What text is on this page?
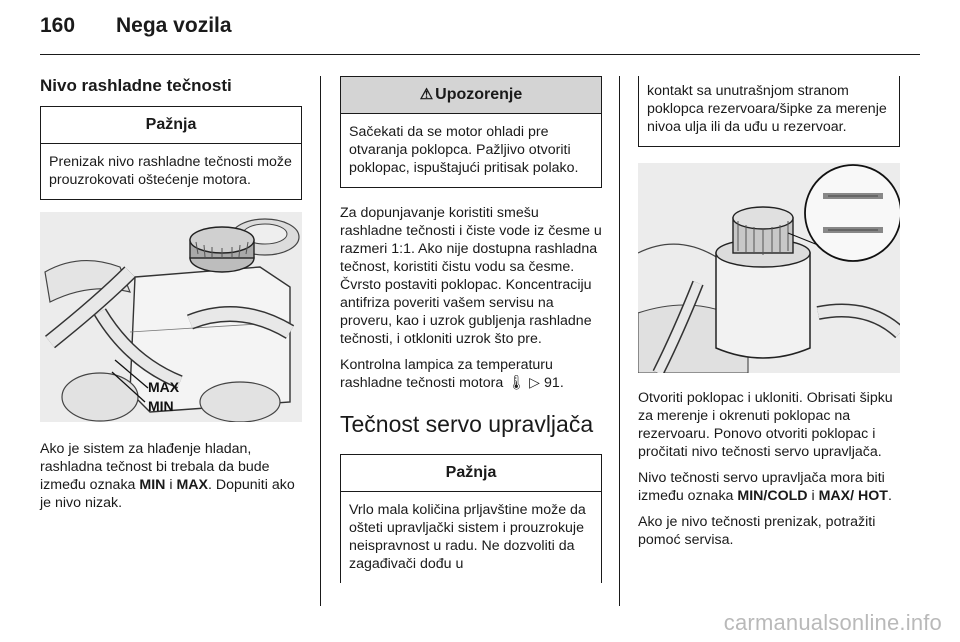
160 Nega vozila
Nivo rashladne tečnosti
Pažnja
Prenizak nivo rashladne tečnosti može prouzrokovati oštećenje motora.
MAX
MIN

Ako je sistem za hlađenje hladan, rashladna tečnost bi trebala da bude između oznaka MIN i MAX. Dopuniti ako je nivo nizak.

⚠ Upozorenje
Sačekati da se motor ohladi pre otvaranja poklopca. Pažljivo otvoriti poklopac, ispuštajući pritisak polako.

Za dopunjavanje koristiti smešu rashladne tečnosti i čiste vode iz česme u razmeri 1:1. Ako nije dostupna rashladna tečnost, koristiti čistu vodu sa česme. Čvrsto postaviti poklopac. Koncentraciju antifriza poveriti vašem servisu na proveru, kao i uzrok gubljenja rashladne tečnosti, i otkloniti uzrok što pre.

Kontrolna lampica za temperaturu rashladne tečnosti motora 🌡 ▷ 91.

Tečnost servo upravljača
Pažnja
Vrlo mala količina prljavštine može da ošteti upravljački sistem i prouzrokuje neispravnost u radu. Ne dozvoliti da zagađivači dođu u
kontakt sa unutrašnjom stranom poklopca rezervoara/šipke za merenje nivoa ulja ili da uđu u rezervoar.

Otvoriti poklopac i ukloniti. Obrisati šipku za merenje i okrenuti poklopac na rezervoaru. Ponovo otvoriti poklopac i pročitati nivo tečnosti servo upravljača.

Nivo tečnosti servo upravljača mora biti između oznaka MIN/COLD i MAX/ HOT.

Ako je nivo tečnosti prenizak, potražiti pomoć servisa.

carmanualsonline.info
